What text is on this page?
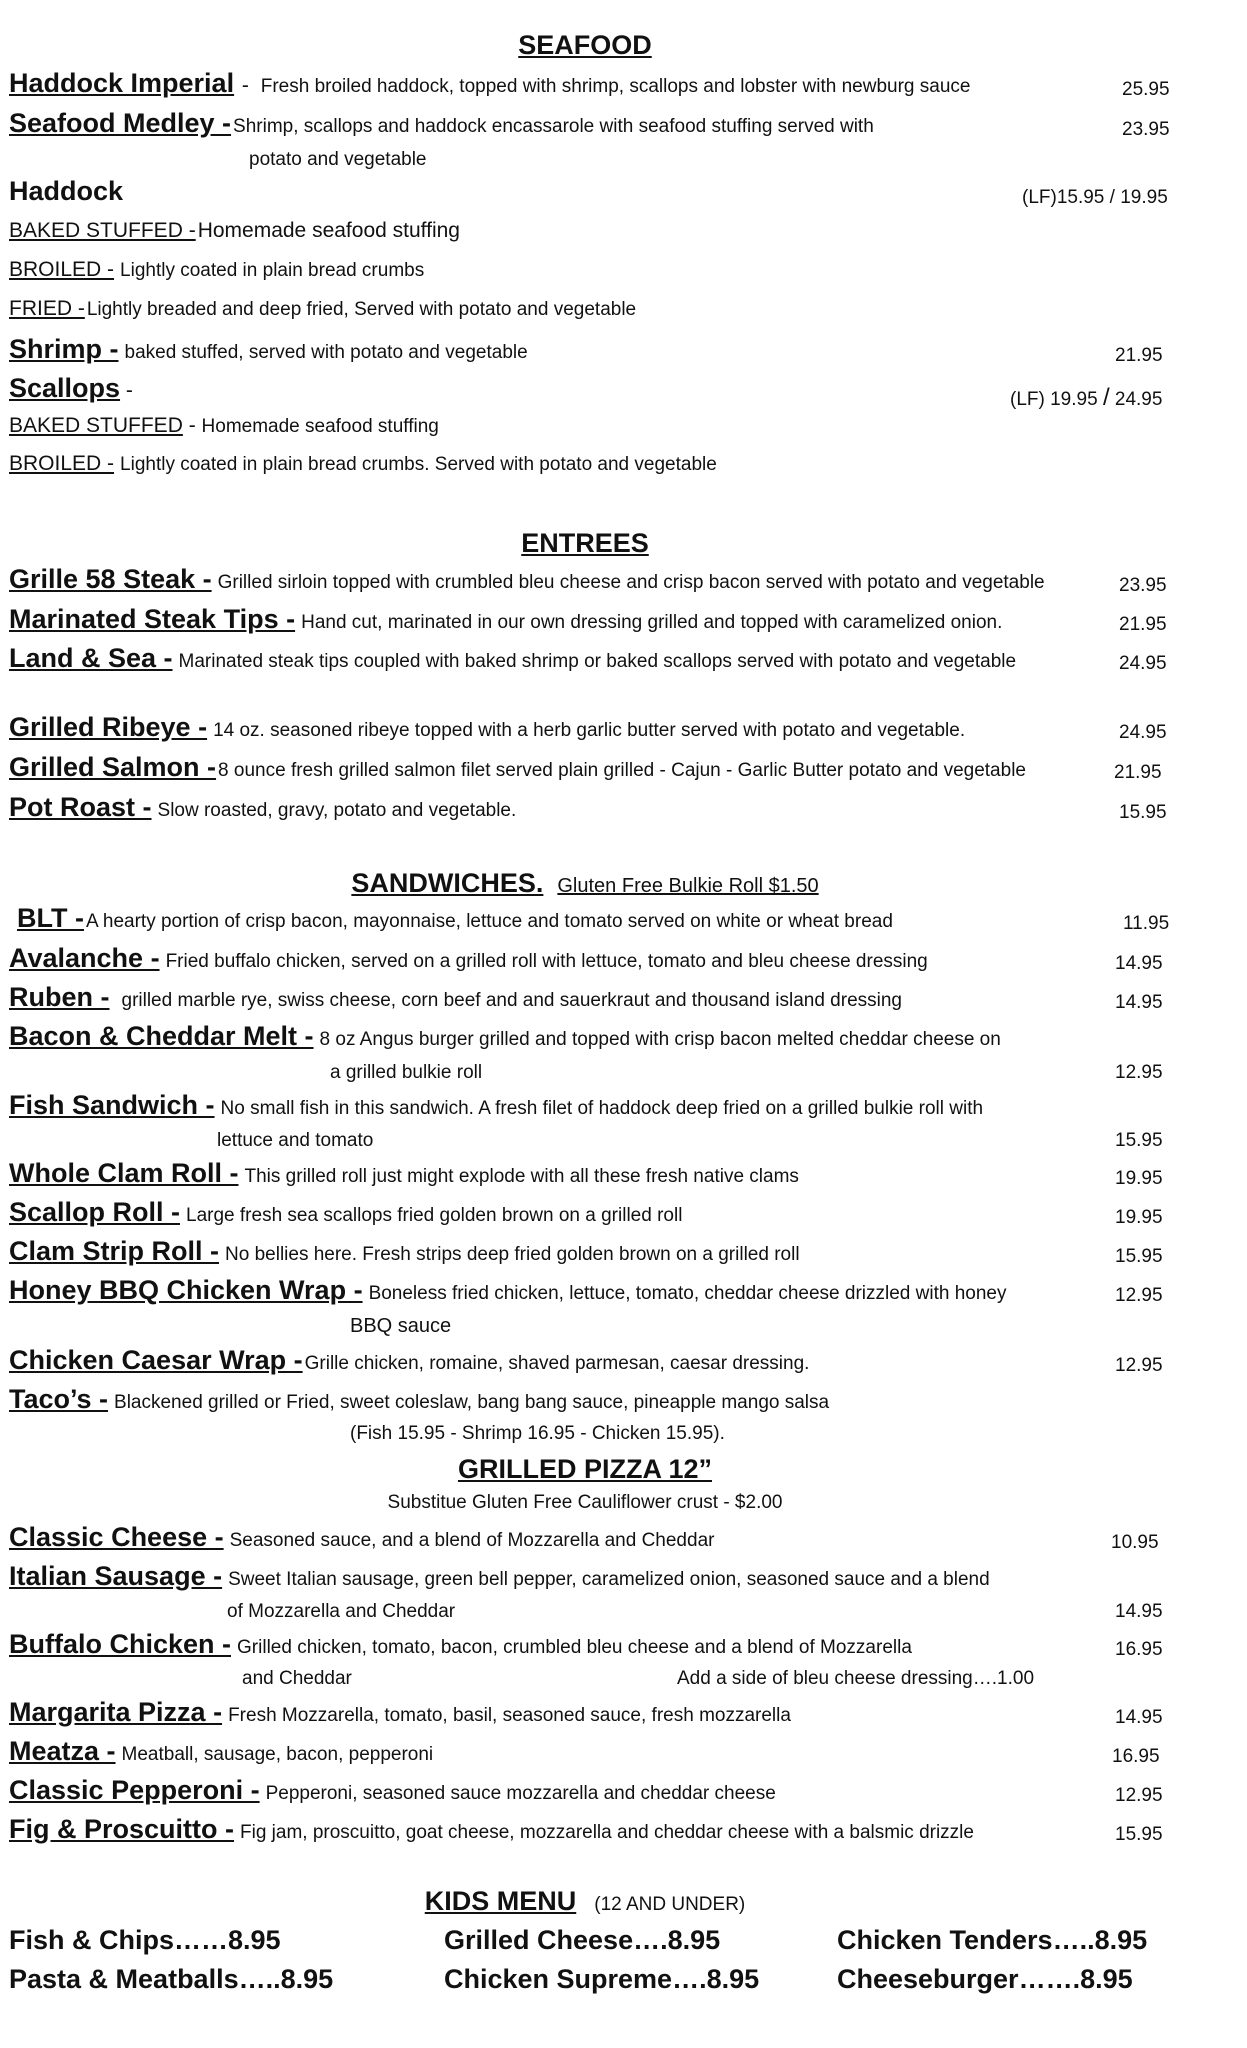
SEAFOOD
Haddock Imperial - Fresh broiled haddock, topped with shrimp, scallops and lobster with newburg sauce	25.95
Seafood Medley - Shrimp, scallops and haddock encassarole with seafood stuffing served with	23.95
potato and vegetable
Haddock	(LF)15.95 / 19.95
BAKED STUFFED -Homemade seafood stuffing
BROILED - Lightly coated in plain bread crumbs
FRIED - Lightly breaded and deep fried, Served with potato and vegetable
Shrimp - baked stuffed, served with potato and vegetable	21.95
Scallops -	(LF) 19.95 / 24.95
BAKED STUFFED - Homemade seafood stuffing
BROILED - Lightly coated in plain bread crumbs. Served with potato and vegetable
ENTREES
Grille 58 Steak - Grilled sirloin topped with crumbled bleu cheese and crisp bacon served with potato and vegetable	23.95
Marinated Steak Tips - Hand cut, marinated in our own dressing grilled and topped with caramelized onion.	21.95
Land & Sea - Marinated steak tips coupled with baked shrimp or baked scallops served with potato and vegetable	24.95
Grilled Ribeye - 14 oz. seasoned ribeye topped with a herb garlic butter served with potato and vegetable.	24.95
Grilled Salmon - 8 ounce fresh grilled salmon filet served plain grilled - Cajun - Garlic Butter potato and vegetable	21.95
Pot Roast - Slow roasted, gravy, potato and vegetable.	15.95
SANDWICHES. Gluten Free Bulkie Roll $1.50
BLT - A hearty portion of crisp bacon, mayonnaise, lettuce and tomato served on white or wheat bread	11.95
Avalanche - Fried buffalo chicken, served on a grilled roll with lettuce, tomato and bleu cheese dressing	14.95
Ruben - grilled marble rye, swiss cheese, corn beef and and sauerkraut and thousand island dressing	14.95
Bacon & Cheddar Melt - 8 oz Angus burger grilled and topped with crisp bacon melted cheddar cheese on
a grilled bulkie roll	12.95
Fish Sandwich - No small fish in this sandwich. A fresh filet of haddock deep fried on a grilled bulkie roll with
lettuce and tomato	15.95
Whole Clam Roll - This grilled roll just might explode with all these fresh native clams	19.95
Scallop Roll - Large fresh sea scallops fried golden brown on a grilled roll	19.95
Clam Strip Roll - No bellies here. Fresh strips deep fried golden brown on a grilled roll	15.95
Honey BBQ Chicken Wrap - Boneless fried chicken, lettuce, tomato, cheddar cheese drizzled with honey
BBQ sauce
12.95
Chicken Caesar Wrap - Grille chicken, romaine, shaved parmesan, caesar dressing.	12.95
Taco’s - Blackened grilled or Fried, sweet coleslaw, bang bang sauce, pineapple mango salsa
(Fish 15.95 - Shrimp 16.95 - Chicken 15.95).
GRILLED PIZZA 12”
Substitue Gluten Free Cauliflower crust - $2.00
Classic Cheese - Seasoned sauce, and a blend of Mozzarella and Cheddar	10.95
Italian Sausage - Sweet Italian sausage, green bell pepper, caramelized onion, seasoned sauce and a blend
of Mozzarella and Cheddar	14.95
Buffalo Chicken - Grilled chicken, tomato, bacon, crumbled bleu cheese and a blend of Mozzarella	16.95
and Cheddar	Add a side of bleu cheese dressing….1.00
Margarita Pizza - Fresh Mozzarella, tomato, basil, seasoned sauce, fresh mozzarella	14.95
Meatza - Meatball, sausage, bacon, pepperoni	16.95
Classic Pepperoni - Pepperoni, seasoned sauce mozzarella and cheddar cheese	12.95
Fig & Proscuitto - Fig jam, proscuitto, goat cheese, mozzarella and cheddar cheese with a balsmic drizzle	15.95
KIDS MENU (12 AND UNDER)
Fish & Chips……8.95	Grilled Cheese….8.95	Chicken Tenders…..8.95
Pasta & Meatballs…..8.95	Chicken Supreme….8.95	Cheeseburger…….8.95
